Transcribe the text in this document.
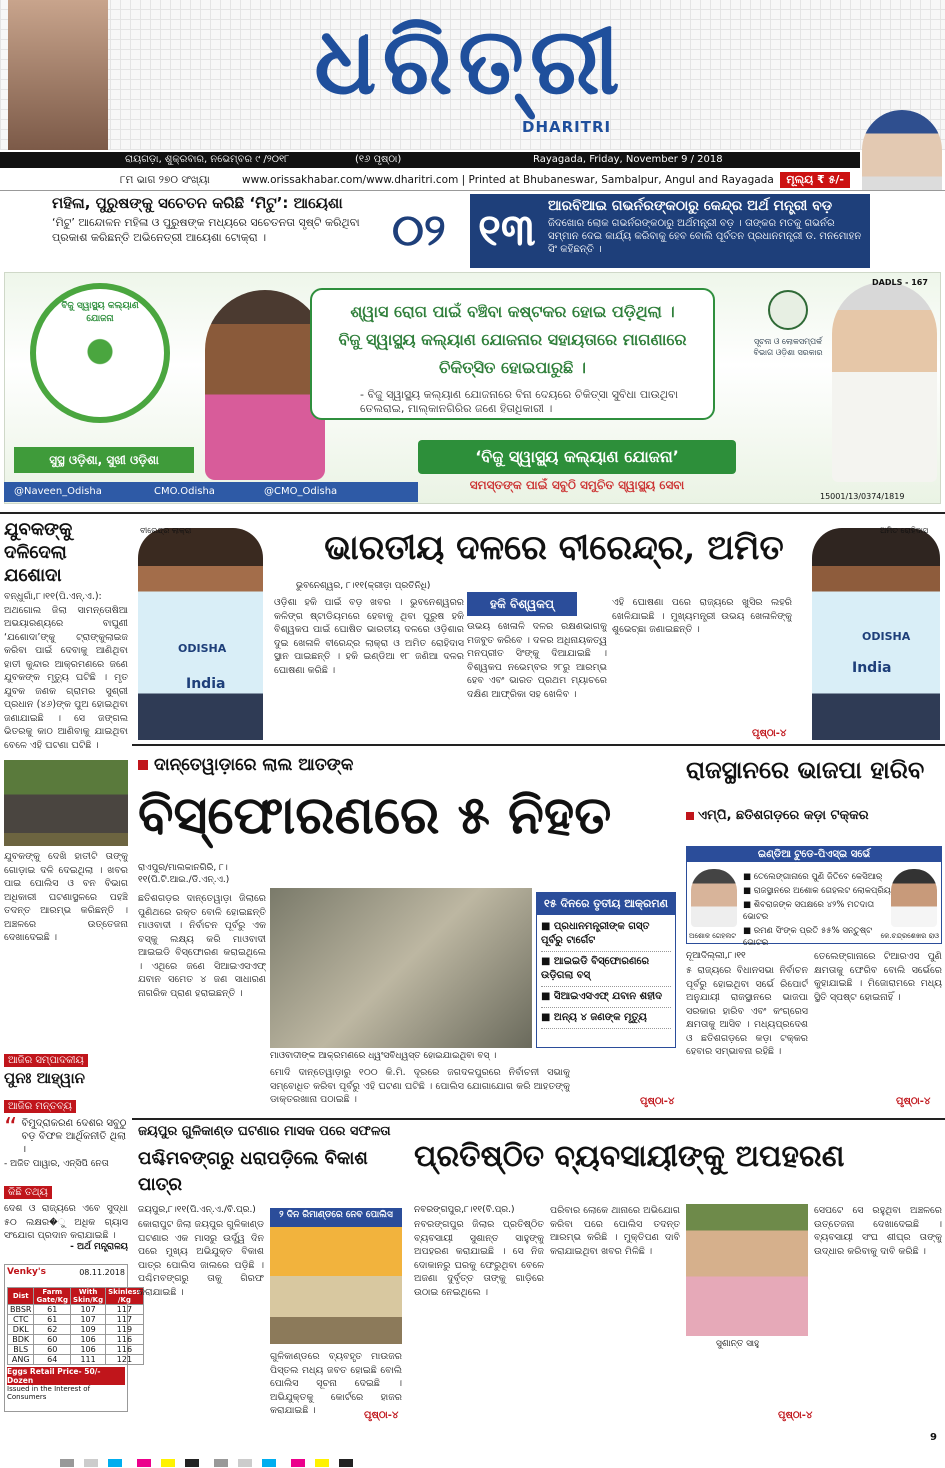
ଧରିତ୍ରୀ
DHARITRI
ରାୟଗଡ଼ା, ଶୁକ୍ରବାର, ନଭେମ୍ବର ୯ /୨୦୧୮	(୧୬ ପୃଷ୍ଠା)	Rayagada, Friday, November 9 / 2018
୮ମ ଭାଗ ୨୭୦ ସଂଖ୍ୟା	www.orissakhabar.com/www.dharitri.com | Printed at Bhubaneswar, Sambalpur, Angul and Rayagada	ମୂଲ୍ୟ ₹ ୫/-
ମହିଳା, ପୁରୁଷଙ୍କୁ ସଚେତନ କରିଛି ‘ମିଟୁ’: ଆୟେଶା
‘ମିଟୁ’ ଆନ୍ଦୋଳନ ମହିଳା ଓ ପୁରୁଷଙ୍କ ମଧ୍ୟରେ ସଚେତନତା ସୃଷ୍ଟି କରିଥିବା ପ୍ରକାଶ କରିଛନ୍ତି ଅଭିନେତ୍ରୀ ଆୟେଶା ଟୋକ୍ରା ।	୦୨ ୧୩ ଆରବିଆଇ ଗଭର୍ନରଙ୍କଠାରୁ କେନ୍ଦ୍ର ଅର୍ଥ ମନ୍ତ୍ରୀ ବଡ଼
ଜିଦଖୋର ଲୋକ ଗଭର୍ନରଙ୍କଠାରୁ ଅର୍ଥମନ୍ତ୍ରୀ ବଡ଼ । ତାଙ୍କର ମତକୁ ଗଭର୍ନର ସମ୍ମାନ ଦେଇ କାର୍ଯ୍ୟ କରିବାକୁ ହେବ ବୋଲି ପୂର୍ବତନ ପ୍ରଧାନମନ୍ତ୍ରୀ ଡ. ମନମୋହନ ସିଂ କହିଛନ୍ତି ।
ବିଜୁ ସ୍ୱାସ୍ଥ୍ୟ କଲ୍ୟାଣ ଯୋଜନା
ସୁସ୍ଥ ଓଡ଼ିଶା, ସୁଖୀ ଓଡ଼ିଶା
ଶ୍ୱାସ ରୋଗ ପାଇଁ ବଞ୍ଚିବା କଷ୍ଟକର ହୋଇ ପଡ଼ିଥିଲା । ବିଜୁ ସ୍ୱାସ୍ଥ୍ୟ କଲ୍ୟାଣ ଯୋଜନାର ସହାୟତାରେ ମାଗଣାରେ ଚିକିତ୍ସିତ ହୋଇପାରୁଛି ।
- ବିଜୁ ସ୍ୱାସ୍ଥ୍ୟ କଲ୍ୟାଣ ଯୋଜନାରେ ବିନା ଦେୟରେ ଚିକିତ୍ସା ସୁବିଧା ପାଉଥିବା ତେଲରାଇ, ମାଲ୍‌କାନଗିରିର ଜଣେ ହିତାଧିକାରୀ ।
ସୂଚନା ଓ ଲୋକସମ୍ପର୍କ ବିଭାଗ ଓଡ଼ିଶା ସରକାର
DADLS - 167
‘ବିଜୁ ସ୍ୱାସ୍ଥ୍ୟ କଲ୍ୟାଣ ଯୋଜନା’
ସମସ୍ତଙ୍କ ପାଇଁ ସବୁଠି ସମୁଚିତ ସ୍ୱାସ୍ଥ୍ୟ ସେବା
@Naveen_Odisha	CMO.Odisha	@CMO_Odisha	15001/13/0374/1819
ଯୁବକଙ୍କୁ ଦଳିଦେଲା ଯଶୋଦା
ବନ୍ଧୁଗାଁ,୮।୧୧(ପି.ଏନ୍.ଏ.): ଅଥଗୋଲ ଜିଲା ସାମନ୍ତୋଷିଆ ଅଭୟାରଣ୍ୟରେ ବାଘୁଣୀ ‘ଯଶୋଦା’ଙ୍କୁ ଟ୍ରାଙ୍କୁଲାଇଜ କରିବା ପାଇଁ ଦେବାକୁ ଆଣିଥିବା ହାତୀ କୁନ୍ଦାର ଆକ୍ରମଣରେ ଜଣେ ଯୁବକଙ୍କ ମୃତ୍ୟୁ ଘଟିଛି । ମୃତ ଯୁବକ ଜଣକ ଗ୍ରାମର ସୁଶ୍ରୀ ପ୍ରଧାନ (୪୬)ଙ୍କ ପୁଅ ହୋଇଥିବା ଜଣାଯାଇଛି । ସେ ଜଙ୍ଗଲ ଭିତରକୁ କାଠ ଆଣିବାକୁ ଯାଇଥିବା ବେଳେ ଏହି ଘଟଣା ଘଟିଛି ।
ଯୁବକଙ୍କୁ ଦେଖି ହାତୀଟି ତାଙ୍କୁ ଗୋଡ଼ାଇ ଦଳି ଦେଇଥିଲା । ଖବର ପାଇ ପୋଲିସ ଓ ବନ ବିଭାଗ ଅଧିକାରୀ ଘଟଣାସ୍ଥଳରେ ପହଞ୍ଚି ତଦନ୍ତ ଆରମ୍ଭ କରିଛନ୍ତି । ଅଞ୍ଚଳରେ ଉତ୍ତେଜନା ଦେଖାଦେଇଛି ।
ଆଜିର ସମ୍ପାଦକୀୟ
ପୁନଃ ଆହ୍ୱାନ
ଆଜିର ମନ୍ତବ୍ୟ
“ ବିମୁଦ୍ରାକରଣ ଦେଶର ସବୁଠୁ ବଡ଼ ବିଫଳ ଆର୍ଥିକନୀତି ଥିଲା ।
- ଅଜିତ ପାୱାର, ଏନ୍‌ସିପି ନେତା
କିଛି ତଥ୍ୟ
ଦେଶ ଓ ରାଜ୍ୟରେ ଏବେ ସୁଦ୍ଧା ୫୦ ଲକ୍ଷର�ୁ ଅଧିକ ଗ୍ୟାସ ସଂଯୋଗ ପ୍ରଦାନ କରାଯାଇଛି ।
- ଅର୍ଥ ମନ୍ତ୍ରାଳୟ
Venky's	08.11.2018
Dist	Farm Gate/Kg	With Skin/Kg	Skinless /Kg
BBSR	61	107	117
CTC	61	107	117
DKL	62	109	119
BDK	60	106	116
BLS	60	106	116
ANG	64	111	121
Eggs Retail Price- 50/-Dozen
Issued in the Interest of Consumers
ବୀରେନ୍ଦ୍ର ଲାକ୍ରା
ODISHA
India
ଭାରତୀୟ ଦଳରେ ବୀରେନ୍ଦ୍ର, ଅମିତ
ଭୁବନେଶ୍ୱର, ୮।୧୧(କ୍ରୀଡ଼ା ପ୍ରତିନିଧି)
ହକି ବିଶ୍ୱକପ୍
ଓଡ଼ିଶା ହକି ପାଇଁ ବଡ଼ ଖବର । ଭୁବନେଶ୍ୱରର କଳିଙ୍ଗ ଷ୍ଟାଡିୟମରେ ହେବାକୁ ଥିବା ପୁରୁଷ ହକି ବିଶ୍ୱକପ ପାଇଁ ଘୋଷିତ ଭାରତୀୟ ଦଳରେ ଓଡ଼ିଶାର ଦୁଇ ଖେଳାଳି ବୀରେନ୍ଦ୍ର ଲାକ୍ରା ଓ ଅମିତ ରୋହିଦାସ ସ୍ଥାନ ପାଇଛନ୍ତି । ହକି ଇଣ୍ଡିଆ ୧୮ ଜଣିଆ ଦଳର ଘୋଷଣା କରିଛି ।
ଉଭୟ ଖେଳାଳି ଦଳର ରକ୍ଷଣଭାଗକୁ ମଜବୁତ କରିବେ । ଦଳର ଅଧିନାୟକତ୍ୱ ମନପ୍ରୀତ ସିଂଙ୍କୁ ଦିଆଯାଇଛି । ବିଶ୍ୱକପ ନଭେମ୍ବର ୨୮ରୁ ଆରମ୍ଭ ହେବ ଏବଂ ଭାରତ ପ୍ରଥମ ମ୍ୟାଚରେ ଦକ୍ଷିଣ ଆଫ୍ରିକା ସହ ଖେଳିବ ।
ଏହି ଘୋଷଣା ପରେ ରାଜ୍ୟରେ ଖୁସିର ଲହରି ଖେଳିଯାଇଛି । ମୁଖ୍ୟମନ୍ତ୍ରୀ ଉଭୟ ଖେଳାଳିଙ୍କୁ ଶୁଭେଚ୍ଛା ଜଣାଇଛନ୍ତି ।
ପୃଷ୍ଠା-୪
ଅମିତ ରୋହିଦାସ
ODISHA
India
ଦାନ୍ତେୱାଡ଼ାରେ ଲାଲ ଆତଙ୍କ
ବିସ୍ଫୋରଣରେ ୫ ନିହତ
ରାଏପୁର/ମାଲକାନଗିରି, ୮।୧୧(ପି.ଟି.ଆଇ./ଡି.ଏନ୍.ଏ.)
ଛତିଶଗଡ଼ର ଦାନ୍ତେୱାଡ଼ା ଜିଲାରେ ପୁଣିଥରେ ରକ୍ତ ବୋଳି ହୋଇଛନ୍ତି ମାଓବାଦୀ । ନିର୍ବାଚନ ପୂର୍ବରୁ ଏକ ବସ୍‌କୁ ଲକ୍ଷ୍ୟ କରି ମାଓବାଦୀ ଆଇଇଡି ବିସ୍ଫୋରଣ କରାଇଥିଲେ । ଏଥିରେ ଜଣେ ସିଆଇଏସଏଫ୍ ଯବାନ ସମେତ ୪ ଜଣ ସାଧାରଣ ନାଗରିକ ପ୍ରାଣ ହରାଇଛନ୍ତି ।
ମାଓବାଦୀଙ୍କ ଆକ୍ରମଣରେ ଧ୍ୱଂସବିଧ୍ୱସ୍ତ ହୋଇଯାଇଥିବା ବସ୍‌ ।
୧୫ ଦିନରେ ତୃତୀୟ ଆକ୍ରମଣ
■ ପ୍ରଧାନମନ୍ତ୍ରୀଙ୍କ ଗସ୍ତ ପୂର୍ବରୁ ଟାର୍ଗେଟ
■ ଆଇଇଡି ବିସ୍ଫୋରଣରେ ଉଡ଼ିଗଲା ବସ୍
■ ସିଆଇଏସଏଫ୍ ଯବାନ ଶହୀଦ
■ ଅନ୍ୟ ୪ ଜଣଙ୍କ ମୃତ୍ୟୁ
ମୋଦି ଦାନ୍ତେୱାଡ଼ାରୁ ୧୦୦ କି.ମି. ଦୂରରେ ଜଗଦଳପୁରରେ ନିର୍ବାଚନୀ ସଭାକୁ ସମ୍ବୋଧିତ କରିବା ପୂର୍ବରୁ ଏହି ଘଟଣା ଘଟିଛି । ପୋଲିସ ଯୋଗାଯୋଗ କରି ଆହତଙ୍କୁ ଡାକ୍ତରଖାନା ପଠାଇଛି ।	ପୃଷ୍ଠା-୪
ରାଜସ୍ଥାନରେ ଭାଜପା ହାରିବ
ଏମ୍‌ପି, ଛତିଶଗଡ଼ରେ କଡ଼ା ଟକ୍କର
ଇଣ୍ଡିଆ ଟୁଡେ-ପିଏସ୍‌ଇ ସର୍ଭେ
■ ତେଲେଙ୍ଗାନାରେ ପୁଣି ଜିତିବେ କେସିଆର୍
■ ରାଜସ୍ଥାନରେ ଅଶୋକ ଗେହଲଟ ଲୋକପ୍ରିୟ
■ ଶିବରାଜଙ୍କ ସପକ୍ଷରେ ୪୨% ମତଦାତା ଭୋଟର
■ ରମଣ ସିଂଙ୍କ ପ୍ରତି ୫୫% ସନ୍ତୁଷ୍ଟ ଭୋଟର
ଅଶୋକ ଗେହଲଟ	କେ.ଚନ୍ଦ୍ରଶେଖର ରାଓ
ନୂଆଦିଲ୍ଲୀ,୮।୧୧
୫ ରାଜ୍ୟରେ ବିଧାନସଭା ନିର୍ବାଚନ ପୂର୍ବରୁ ହୋଇଥିବା ସର୍ଭେ ରିପୋର୍ଟ ଅନୁଯାୟୀ ରାଜସ୍ଥାନରେ ଭାଜପା ସରକାର ହାରିବ ଏବଂ କଂଗ୍ରେସ କ୍ଷମତାକୁ ଆସିବ । ମଧ୍ୟପ୍ରଦେଶ ଓ ଛତିଶଗଡ଼ରେ କଡ଼ା ଟକ୍କର ହେବାର ସମ୍ଭାବନା ରହିଛି ।
ତେଲେଙ୍ଗାନାରେ ଟିଆରଏସ ପୁଣି କ୍ଷମତାକୁ ଫେରିବ ବୋଲି ସର୍ଭେରେ କୁହାଯାଇଛି । ମିଜୋରାମରେ ମଧ୍ୟ ସ୍ଥିତି ସ୍ପଷ୍ଟ ହୋଇନାହିଁ ।
ପୃଷ୍ଠା-୪
ଜୟପୁର ଗୁଳିକାଣ୍ଡ ଘଟଣାର ମାସକ ପରେ ସଫଳତା
ପଶ୍ଚିମବଙ୍ଗରୁ ଧରାପଡ଼ିଲେ ବିକାଶ ପାତ୍ର
ଜୟପୁର,୮।୧୧(ପି.ଏନ୍.ଏ./ବି.ପ୍ର.)
କୋରାପୁଟ ଜିଲା ଜୟପୁର ଗୁଳିକାଣ୍ଡ ଘଟଣାର ଏକ ମାସରୁ ଉର୍ଦ୍ଧ୍ୱ ଦିନ ପରେ ମୁଖ୍ୟ ଅଭିଯୁକ୍ତ ବିକାଶ ପାତ୍ର ପୋଲିସ ଜାଲରେ ପଡ଼ିଛି । ପଶ୍ଚିମବଙ୍ଗରୁ ତାକୁ ଗିରଫ କରାଯାଇଛି ।
୨ ଦିନ ରିମାଣ୍ଡରେ ନେବ ପୋଲିସ
ଗୁଳିକାଣ୍ଡରେ ବ୍ୟବହୃତ ମାଉଜର ପିସ୍ତଲ ମଧ୍ୟ ଜବତ ହୋଇଛି ବୋଲି ପୋଲିସ ସୂଚନା ଦେଇଛି । ଅଭିଯୁକ୍ତକୁ କୋର୍ଟରେ ହାଜର କରାଯାଇଛି ।	ପୃଷ୍ଠା-୪
ପ୍ରତିଷ୍ଠିତ ବ୍ୟବସାୟୀଙ୍କୁ ଅପହରଣ
ନବରଙ୍ଗପୁର,୮।୧୧(ବି.ପ୍ର.)
ନବରଙ୍ଗପୁର ଜିଲାର ପ୍ରତିଷ୍ଠିତ ବ୍ୟବସାୟୀ ସୁଶାନ୍ତ ସାହୁଙ୍କୁ ଅପହରଣ କରାଯାଇଛି । ସେ ନିଜ ଦୋକାନରୁ ଘରକୁ ଫେରୁଥିବା ବେଳେ ଅଜଣା ଦୁର୍ବୃତ୍ତ ତାଙ୍କୁ ଗାଡ଼ିରେ ଉଠାଇ ନେଇଥିଲେ ।
ପରିବାର ଲୋକେ ଥାନାରେ ଅଭିଯୋଗ କରିବା ପରେ ପୋଲିସ ତଦନ୍ତ ଆରମ୍ଭ କରିଛି । ମୁକ୍ତିପଣ ଦାବି କରାଯାଇଥିବା ଖବର ମିଳିଛି ।
ସୁଶାନ୍ତ ସାହୁ
ସେପଟେ ସେ ରହୁଥିବା ଅଞ୍ଚଳରେ ଉତ୍ତେଜନା ଦେଖାଦେଇଛି । ବ୍ୟବସାୟୀ ସଂଘ ଶୀଘ୍ର ତାଙ୍କୁ ଉଦ୍ଧାର କରିବାକୁ ଦାବି କରିଛି ।
ପୃଷ୍ଠା-୪

9
